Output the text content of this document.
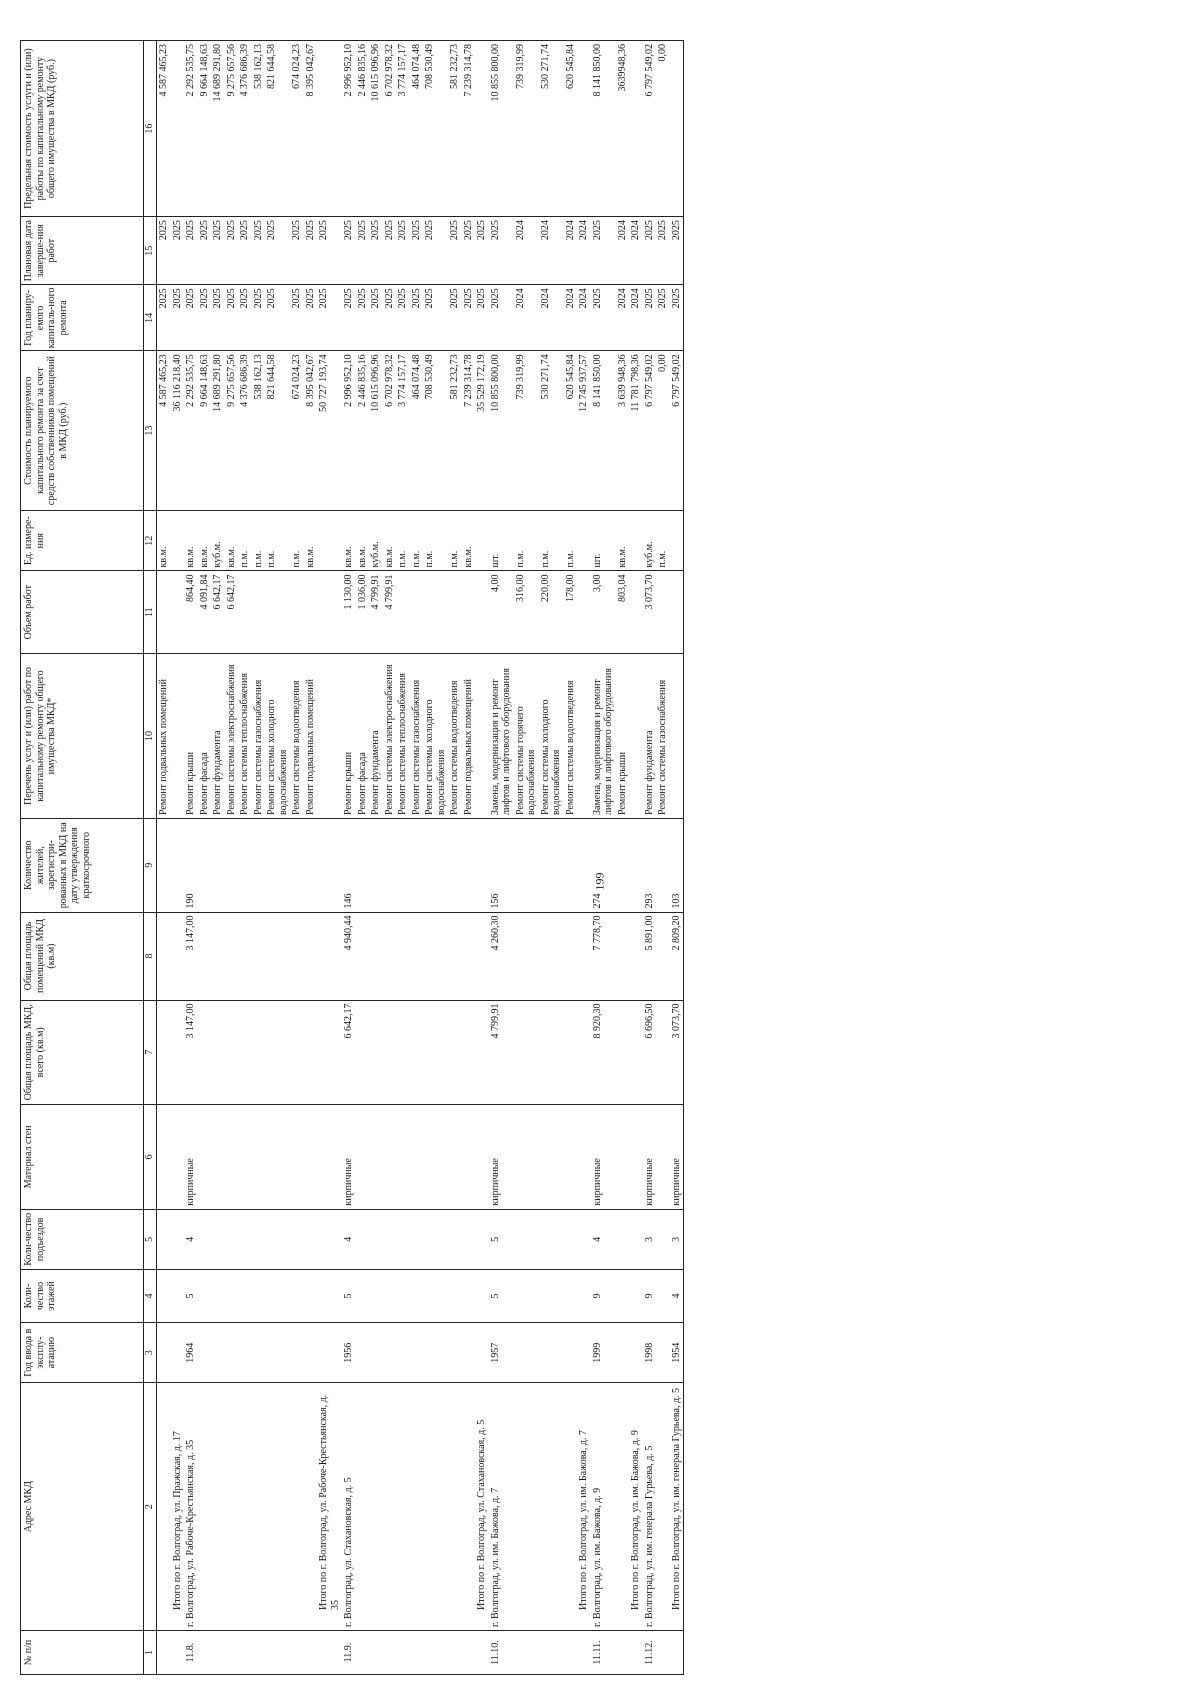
199
№ п/п	Адрес МКД	Год ввода в эксплу-атацию	Коли-чество этажей	Коли-чество подъездов	Материал стен	Общая площадь МКД, всего (кв.м)	Общая площадь помещений МКД (кв.м)	Количество жителей, зарегистри-рованных в МКД на дату утверждения краткосрочного	Перечень услуг и (или) работ по капитальному ремонту общего имущества МКД*	Объем работ	Ед. измере-ния	Стоимость планируемого капитального ремонта за счет средств собственников помещений в МКД (руб.)	Год планиру-емого капиталь-ного ремонта	Плановая дата заверше-ния работ	Предельная стоимость услуги и (или) работы по капитальному ремонту общего имущества в МКД (руб.)
1	2	3	4	5	6	7	8	9	10	11	12	13	14	15	16
									Ремонт подвальных помещений		кв.м.	4 587 465,23	2025	2025	4 587 465,23
	Итого по г. Волгоград, ул. Пражская, д. 17											36 116 218,40	2025	2025	
11.8.	г. Волгоград, ул. Рабоче-Крестьянская, д. 35	1964	5	4	кирпичные	3 147,00	3 147,00	190	Ремонт крыши	864,40	кв.м.	2 292 535,75	2025	2025	2 292 535,75
									Ремонт фасада	4 091,84	кв.м.	9 664 148,63	2025	2025	9 664 148,63
									Ремонт фундамента	6 642,17	куб.м.	14 689 291,80	2025	2025	14 689 291,80
									Ремонт системы электроснабжения	6 642,17	кв.м.	9 275 657,56	2025	2025	9 275 657,56
									Ремонт системы теплоснабжения		п.м.	4 376 686,39	2025	2025	4 376 686,39
									Ремонт системы газоснабжения		п.м.	538 162,13	2025	2025	538 162,13
									Ремонт системы холодного водоснабжения		п.м.	821 644,58	2025	2025	821 644,58
									Ремонт системы водоотведения		п.м.	674 024,23	2025	2025	674 024,23
									Ремонт подвальных помещений		кв.м.	8 395 042,67	2025	2025	8 395 042,67
	Итого по г. Волгоград, ул. Рабоче-Крестьянская, д. 35											50 727 193,74	2025	2025	
11.9.	г. Волгоград, ул. Стахановская, д. 5	1956	5	4	кирпичные	6 642,17	4 940,44	146	Ремонт крыши	1 130,00	кв.м.	2 996 952,10	2025	2025	2 996 952,10
									Ремонт фасада	1 036,00	кв.м.	2 446 835,16	2025	2025	2 446 835,16
									Ремонт фундамента	4 799,91	куб.м.	10 615 096,96	2025	2025	10 615 096,96
									Ремонт системы электроснабжения	4 799,91	кв.м.	6 702 978,32	2025	2025	6 702 978,32
									Ремонт системы теплоснабжения		п.м.	3 774 157,17	2025	2025	3 774 157,17
									Ремонт системы газоснабжения		п.м.	464 074,48	2025	2025	464 074,48
									Ремонт системы холодного водоснабжения		п.м.	708 530,49	2025	2025	708 530,49
									Ремонт системы водоотведения		п.м.	581 232,73	2025	2025	581 232,73
									Ремонт подвальных помещений		кв.м.	7 239 314,78	2025	2025	7 239 314,78
	Итого по г. Волгоград, ул. Стахановская, д. 5											35 529 172,19	2025	2025	
11.10.	г. Волгоград, ул. им. Бажова, д. 7	1957	5	5	кирпичные	4 799,91	4 260,30	156	Замена, модернизация и ремонт лифтов и лифтового оборудования	4,00	шт.	10 855 800,00	2025	2025	10 855 800,00
									Ремонт системы горячего водоснабжения	316,00	п.м.	739 319,99	2024	2024	739 319,99
									Ремонт системы холодного водоснабжения	220,00	п.м.	530 271,74	2024	2024	530 271,74
									Ремонт системы водоотведения	178,00	п.м.	620 545,84	2024	2024	620 545,84
	Итого по г. Волгоград, ул. им. Бажова, д. 7											12 745 937,57	2024	2024	
11.11.	г. Волгоград, ул. им. Бажова, д. 9	1999	9	4	кирпичные	8 920,30	7 778,70	274	Замена, модернизация и ремонт лифтов и лифтового оборудования	3,00	шт.	8 141 850,00	2025	2025	8 141 850,00
									Ремонт крыши	803,04	кв.м.	3 639 948,36	2024	2024	3639948,36
	Итого по г. Волгоград, ул. им. Бажова, д. 9											11 781 798,36	2024	2024	
11.12.	г. Волгоград, ул. им. генерала Гурьева, д. 5	1998	9	3	кирпичные	6 696,50	5 891,00	293	Ремонт фундамента	3 073,70	куб.м.	6 797 549,02	2025	2025	6 797 549,02
									Ремонт системы газоснабжения		п.м.	0,00	2025	2025	0,00
	Итого по г. Волгоград, ул. им. генерала Гурьева, д. 5	1954	4	3	кирпичные	3 073,70	2 809,20	103				6 797 549,02	2025	2025	
